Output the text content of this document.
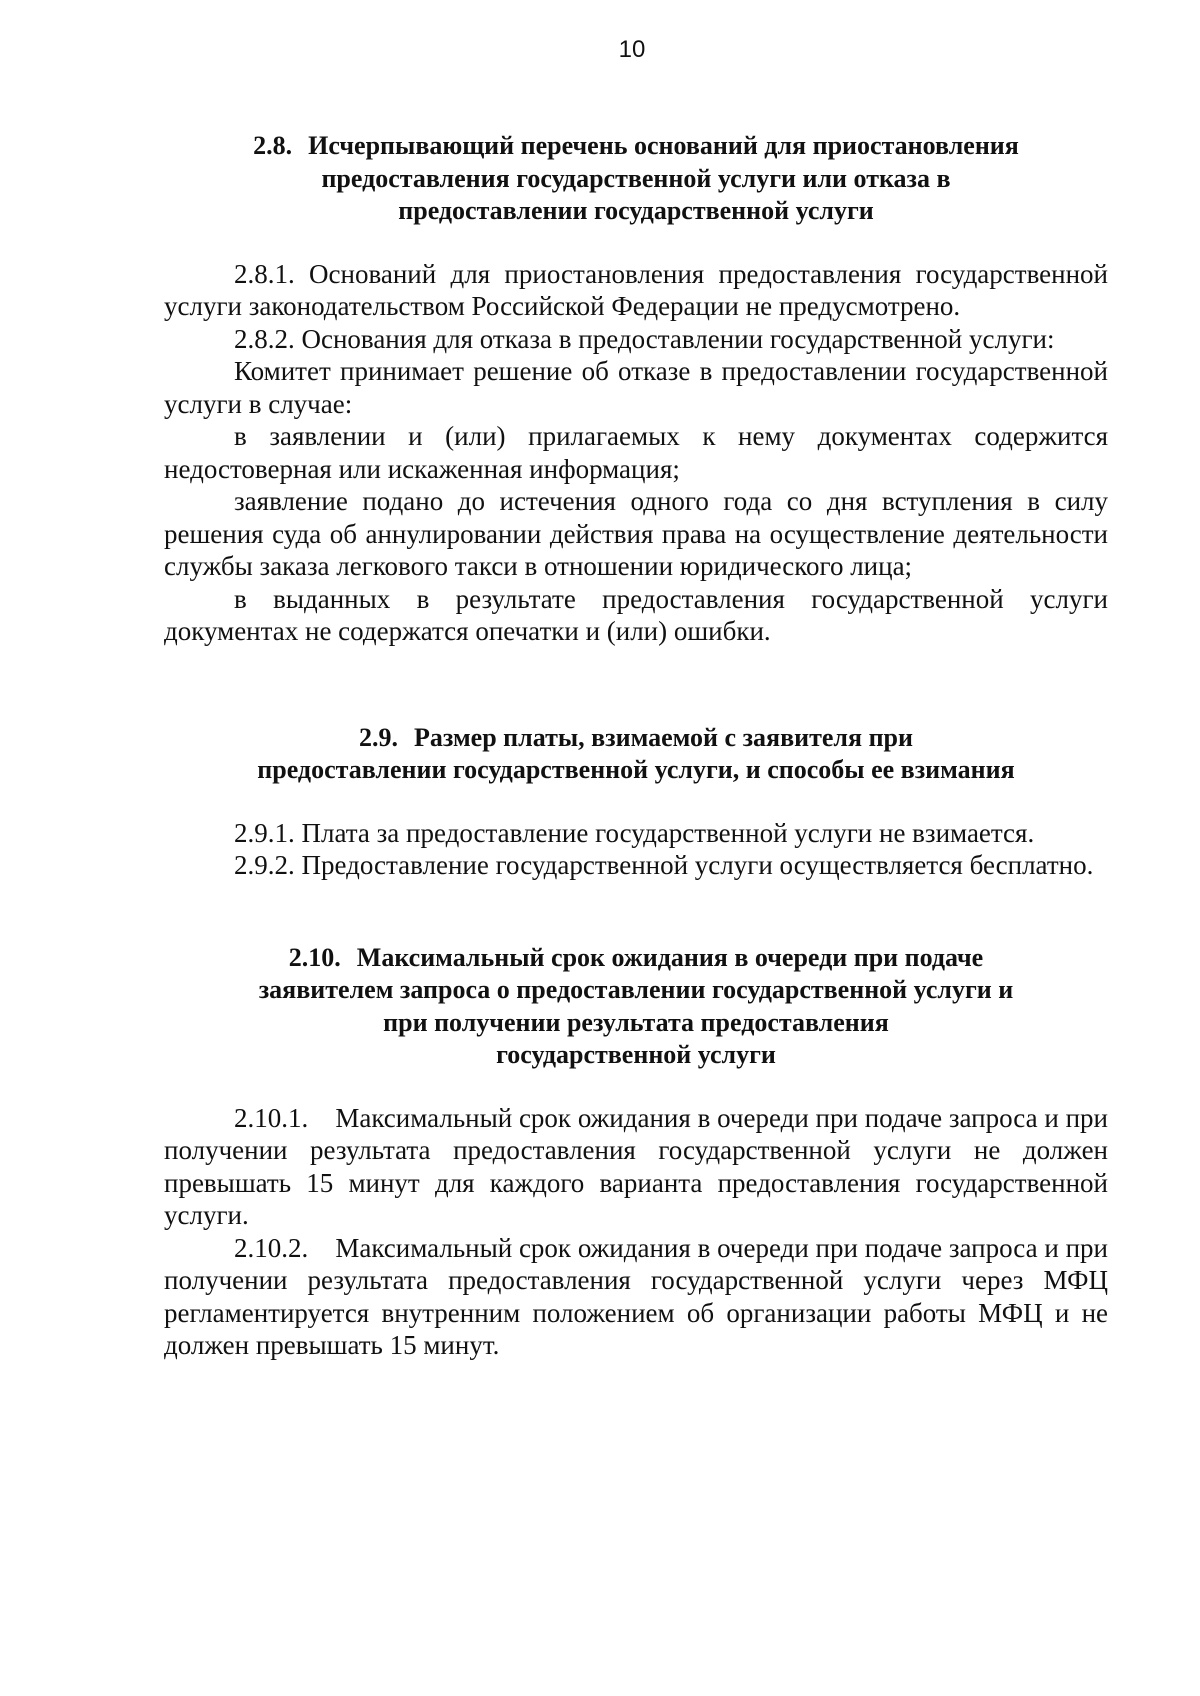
10
2.8. Исчерпывающий перечень оснований для приостановления
предоставления государственной услуги или отказа в
предоставлении государственной услуги

2.8.1. Оснований для приостановления предоставления государственной услуги законодательством Российской Федерации не предусмотрено.

2.8.2. Основания для отказа в предоставлении государственной услуги:

Комитет принимает решение об отказе в предоставлении государственной услуги в случае:

в заявлении и (или) прилагаемых к нему документах содержится недостоверная или искаженная информация;

заявление подано до истечения одного года со дня вступления в силу решения суда об аннулировании действия права на осуществление деятельности службы заказа легкового такси в отношении юридического лица;

в выданных в результате предоставления государственной услуги документах не содержатся опечатки и (или) ошибки.

2.9. Размер платы, взимаемой с заявителя при
предоставлении государственной услуги, и способы ее взимания

2.9.1. Плата за предоставление государственной услуги не взимается.

2.9.2. Предоставление государственной услуги осуществляется бесплатно.

2.10. Максимальный срок ожидания в очереди при подаче
заявителем запроса о предоставлении государственной услуги и
при получении результата предоставления
государственной услуги

2.10.1.    Максимальный срок ожидания в очереди при подаче запроса и при получении результата предоставления государственной услуги не должен превышать 15 минут для каждого варианта предоставления государственной услуги.

2.10.2.    Максимальный срок ожидания в очереди при подаче запроса и при получении результата предоставления государственной услуги через МФЦ регламентируется внутренним положением об организации работы МФЦ и не должен превышать 15 минут.
